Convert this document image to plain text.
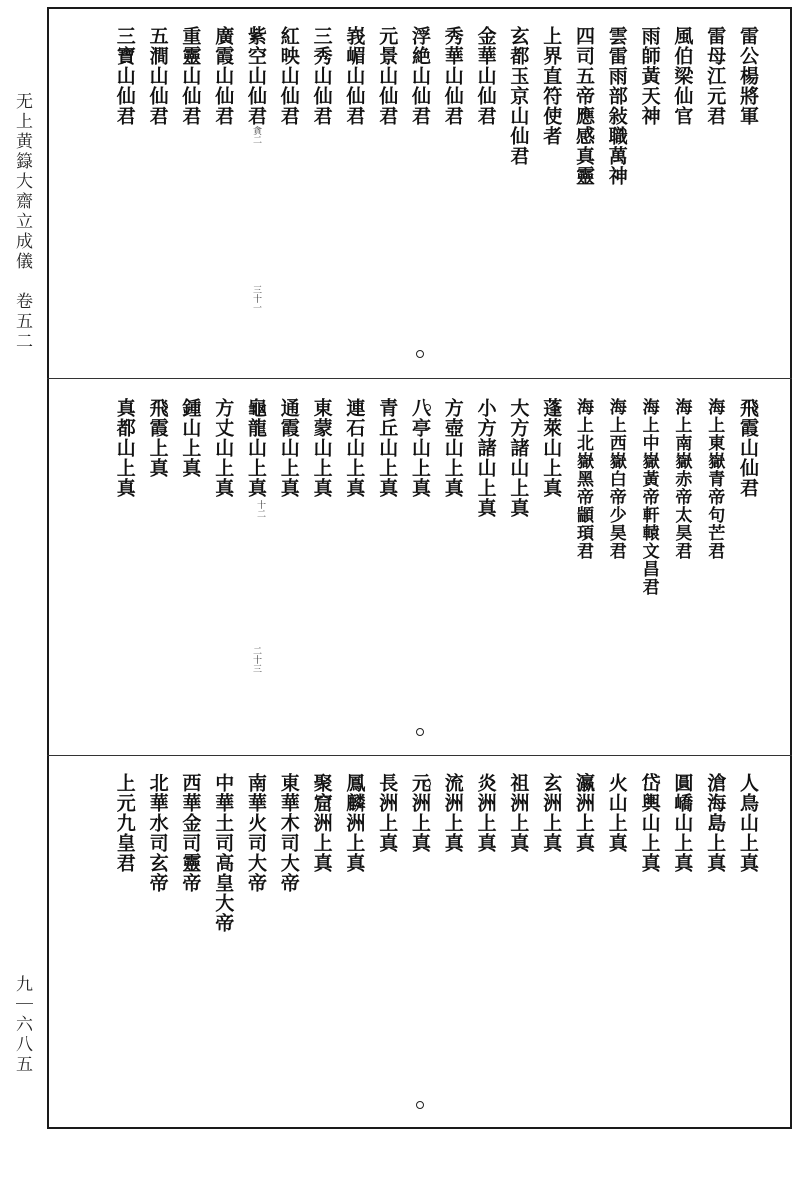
无上黄籙大齋立成儀　卷五二
九｜六八五
雷公楊將軍
雷母江元君
風伯梁仙官
雨師黃天神
雲雷雨部敍職萬神
四司五帝應感真靈
上界直符使者
玄都玉京山仙君
金華山仙君
秀華山仙君
浮絶山仙君
元景山仙君
峩嵋山仙君
三秀山仙君
紅映山仙君
紫空山仙君
廣霞山仙君
重靈山仙君
五澗山仙君
三寶山仙君
飛霞山仙君
海上東嶽青帝句芒君
海上南嶽赤帝太昊君
海上中嶽黃帝軒轅文昌君
海上西嶽白帝少昊君
海上北嶽黑帝顓頊君
蓬萊山上真
大方諸山上真
小方諸山上真
方壺山上真
八亭山上真
青丘山上真
連石山上真
東蒙山上真
通霞山上真
龜龍山上真
方丈山上真
鍾山上真
飛霞上真
真都山上真
人鳥山上真
滄海島上真
圓嶠山上真
岱輿山上真
火山上真
瀛洲上真
玄洲上真
祖洲上真
炎洲上真
流洲上真
元洲上真
長洲上真
鳳麟洲上真
聚窟洲上真
東華木司大帝
南華火司大帝
中華土司高皇大帝
西華金司靈帝
北華水司玄帝
上元九皇君
貪二
三十一
十二
二十三
